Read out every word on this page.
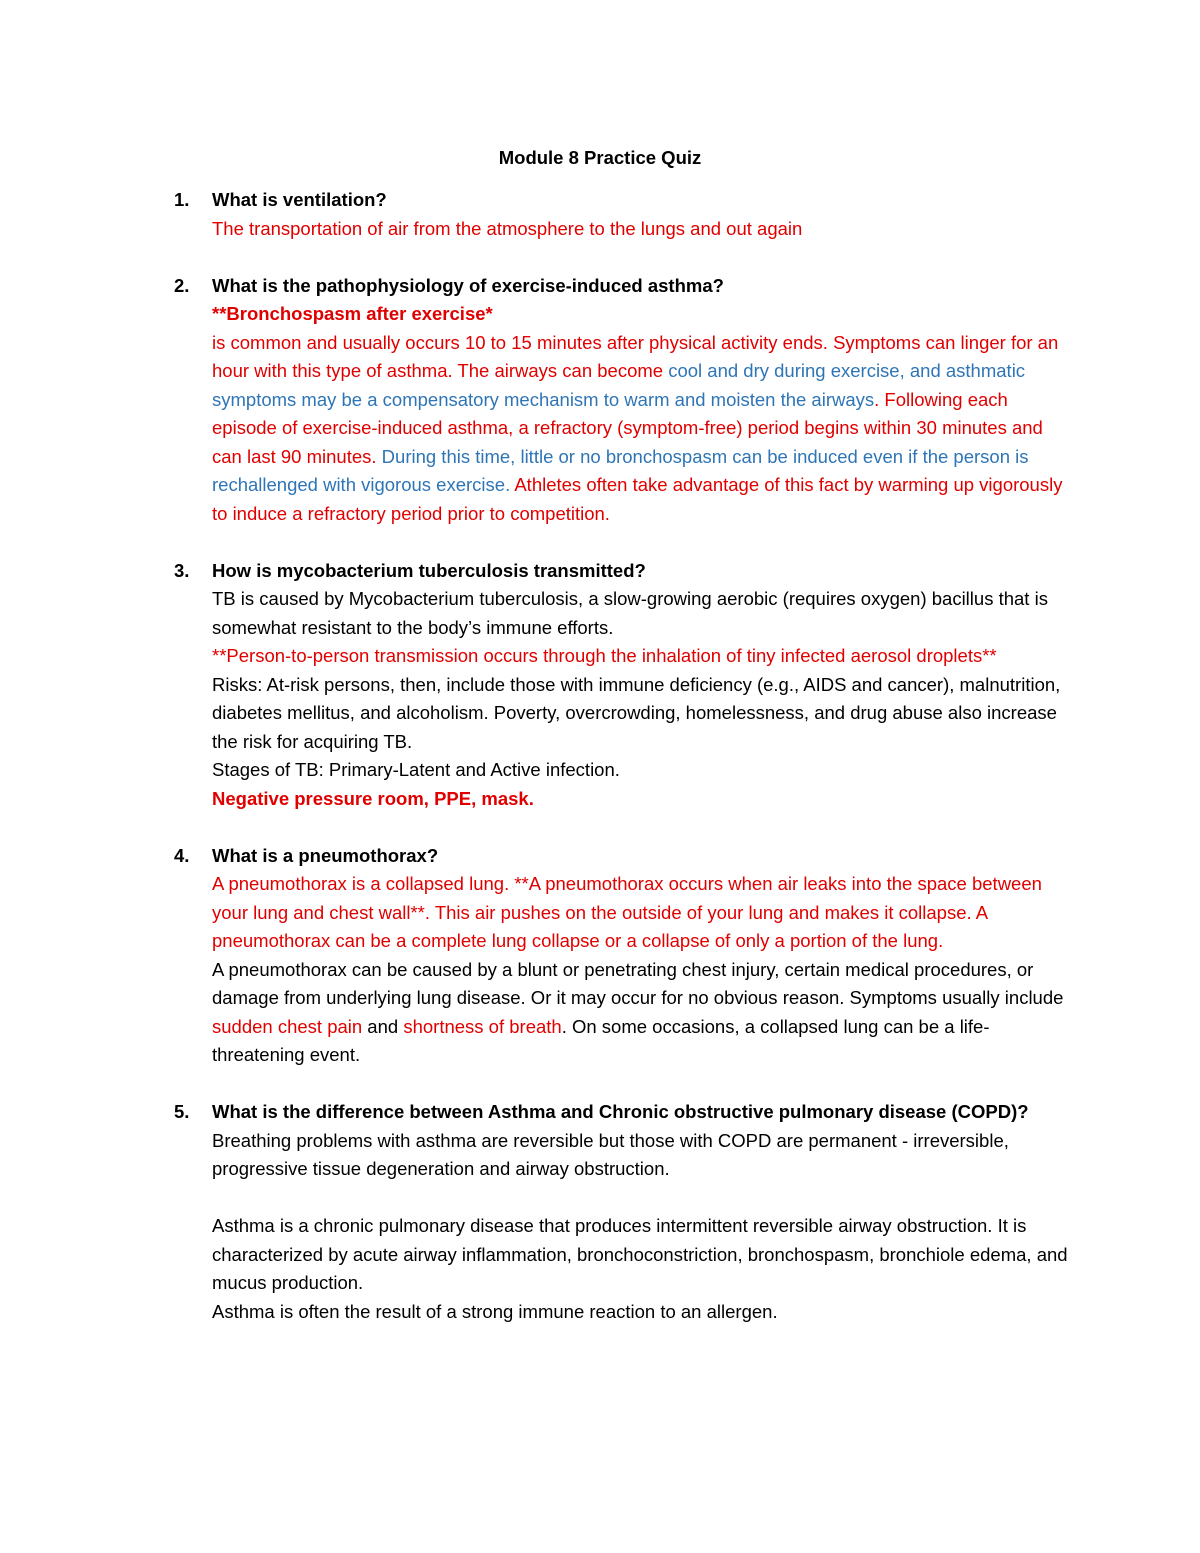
Module 8 Practice Quiz
1. What is ventilation?
The transportation of air from the atmosphere to the lungs and out again
2. What is the pathophysiology of exercise-induced asthma?
**Bronchospasm after exercise*
is common and usually occurs 10 to 15 minutes after physical activity ends. Symptoms can linger for an hour with this type of asthma. The airways can become cool and dry during exercise, and asthmatic symptoms may be a compensatory mechanism to warm and moisten the airways. Following each episode of exercise-induced asthma, a refractory (symptom-free) period begins within 30 minutes and can last 90 minutes. During this time, little or no bronchospasm can be induced even if the person is rechallenged with vigorous exercise. Athletes often take advantage of this fact by warming up vigorously to induce a refractory period prior to competition.
3. How is mycobacterium tuberculosis transmitted?
TB is caused by Mycobacterium tuberculosis, a slow-growing aerobic (requires oxygen) bacillus that is somewhat resistant to the body’s immune efforts.
**Person-to-person transmission occurs through the inhalation of tiny infected aerosol droplets**
Risks: At-risk persons, then, include those with immune deficiency (e.g., AIDS and cancer), malnutrition, diabetes mellitus, and alcoholism. Poverty, overcrowding, homelessness, and drug abuse also increase the risk for acquiring TB.
Stages of TB: Primary-Latent and Active infection.
Negative pressure room, PPE, mask.
4. What is a pneumothorax?
A pneumothorax is a collapsed lung. **A pneumothorax occurs when air leaks into the space between your lung and chest wall**. This air pushes on the outside of your lung and makes it collapse. A pneumothorax can be a complete lung collapse or a collapse of only a portion of the lung.
A pneumothorax can be caused by a blunt or penetrating chest injury, certain medical procedures, or damage from underlying lung disease. Or it may occur for no obvious reason. Symptoms usually include sudden chest pain and shortness of breath. On some occasions, a collapsed lung can be a life-threatening event.
5. What is the difference between Asthma and Chronic obstructive pulmonary disease (COPD)?
Breathing problems with asthma are reversible but those with COPD are permanent - irreversible, progressive tissue degeneration and airway obstruction.
Asthma is a chronic pulmonary disease that produces intermittent reversible airway obstruction. It is characterized by acute airway inflammation, bronchoconstriction, bronchospasm, bronchiole edema, and mucus production.
Asthma is often the result of a strong immune reaction to an allergen.
